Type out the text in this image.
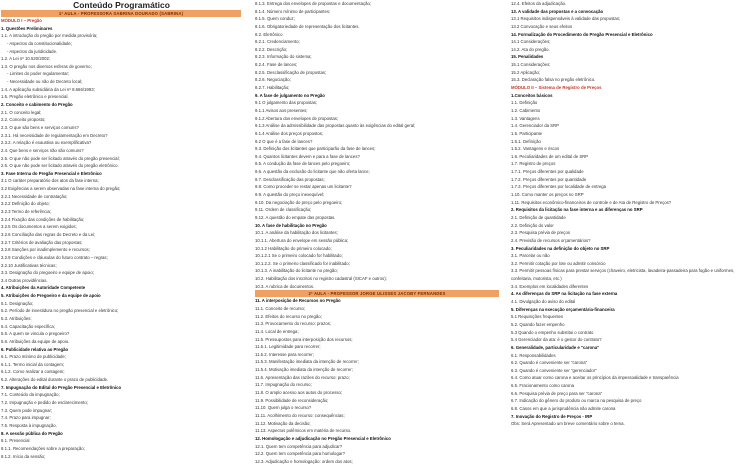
Conteúdo Programático
1ª AULA - PROFESSORA SABRINA DOURADO (SABRINA)
MÓDULO I – Pregão
1. Questões Preliminares
1.1. A introdução do pregão por medida provisória;
- Aspectos da constitucionalidade;
- Aspectos da juridicidade.
1.2. A Lei nº 10.520/2002;
1.3. O pregão nos diversos esferas de governo;
- Limites do poder regulamentar;
- Necessidade ou não de Decreto local;
1.4. A aplicação subsidiária da Lei nº 8.666/1993;
1.5. Pregão eletrônico e presencial.
2. Conceito e cabimento do Pregão
2.1. O conceito legal;
2.2. Conceito proposto;
2.3. O que são bens e serviços comuns?
2.3.1. Há necessidade de regulamentação em Decreto?
2.3.2. A relação é exaustiva ou exemplificativa?
2.4. Que bens e serviços não são comuns?
2.5. O que não pode ser licitado através do pregão presencial;
2.6. O que não pode ser licitado através do pregão eletrônico.
3. Fase Interna do Pregão Presencial e Eletrônico
3.1 O caráter preparatório dos atos da fase interna;
3.2 Exigências a serem observadas na fase interna do pregão;
3.2.1 Necessidade de contratação;
3.2.2 Definição do objeto;
3.2.3 Termo de referência;
3.2.4 Fixação das condições de habilitação;
3.2.5 Os documentos a serem exigidos;
3.2.6 Conciliação das regras do Decreto e da Lei;
3.2.7 Critérios de avaliação das propostas;
3.2.8 Sanções por inadimplemento e recursos;
3.2.9 Condições e cláusulas do futuro contrato – regras;
3.2.10 Justificativas técnicas;
3.3. Designação do pregoeiro e equipe de apoio;
3.4 Outras providências.
4. Atribuições da Autoridade Competente
5. Atribuições do Pregoeiro e da equipe de apoio
5.1. Designação;
5.2. Período de investidura no pregão presencial e eletrônico;
5.3. Atribuições;
5.4. Capacitação específica;
5.5. A quem se vincula o pregoeiro?
5.6. Atribuições da equipe de apoio.
6. Publicidade relativa ao Pregão
6.1. Prazo mínimo de publicidade;
6.1.1. Termo inicial da contagem;
6.1.2. Como realizar a contagem;
6.2. Alterações do edital durante o prazo de publicidade.
7. Impugnação do Edital do Pregão Presencial e Eletrônico
7.1. Conteúdo da impugnação;
7.2. Impugnação e pedido de esclarecimento;
7.3. Quem pode impugnar;
7.4. Prazo para impugnar;
7.5. Resposta à impugnação.
8. A sessão pública do Pregão
8.1. Presencial
8.1.1. Recomendações sobre a preparação;
8.1.2. Início da sessão;
8.1.3. Entrega dos envelopes de propostas e documentação;
8.1.4. Número mínimo de participantes;
8.1.5. Quem conduz;
8.1.6. Obrigatoriedade de representação dos licitantes.
8.2. Eletrônico
8.2.1. Credenciamento;
8.2.2. Descrição;
8.2.3. Informação do sistema;
8.2.4. Fase de lances;
8.2.5. Desclassificação de propostas;
8.2.6. Negociação;
8.2.7. Habilitação;
9. A fase de julgamento no Pregão
9.1 O julgamento das propostas;
9.1.1 Avisos aos presentes;
9.1.2 Abertura dos envelopes de propostas;
9.1.3 Análise da admissibilidade das propostas quanto às exigências do edital geral;
9.1.4 Análise dos preços propostos;
9.2 O que é a fase de lances?
9.3. Definição dos licitantes que participarão da fase de lances;
9.4. Quantos licitantes devem e para a fase de lances?
9.5. A condução da fase de lances pelo pregoeiro;
9.6. A questão da exclusão do licitante que não oferta lance;
9.7. Desclassificação das propostas;
9.8. Como proceder se restar apenas um licitante?
9.9. A questão do preço inexequível;
9.10. Da negociação do preço pelo pregoeiro;
9.11. Ordem de classificação;
9.12. A questão do empate das propostas.
10. A fase de habilitação no Pregão
10.1. A análise da habilitação dos licitantes;
10.1.1. Abertura do envelope em sessão pública;
10.1.2 Habilitação do primeiro colocado;
10.1.2.1 Se o primeiro colocado for habilitado;
10.1.2.2. Se o primeiro classificado for inabilitado;
10.1.3. A inabilitação do licitante no pregão;
10.2. Habilitação dos inscritos no registro cadastral (SICAF e outros);
10.3. A rubrica de documentos.
2ª AULA - PROFESSOR JORGE ULISSES JACOBY FERNANDES
11. A interposição de Recursos no Pregão
11.1. Conceito de recurso;
11.2. Efeitos do recurso no pregão;
11.3. Provocamento do recurso: prazos;
11.4. Local de entrega;
11.5. Pressupostos para interposição dos recursos;
11.5.1. Legitimidade para recorrer;
11.5.2. Interesse para recorrer;
11.5.3. Manifestação imediata da intenção de recorrer;
11.5.4. Motivação imediata da intenção de recorrer;
11.6. Apresentação das razões do recurso: prazo;
11.7. Impugnação do recurso;
11.8. O amplo acesso aos autos do processo;
11.9. Possibilidade de reconsideração;
11.10. Quem julga o recurso?
11.11. Acolhimento do recurso: consequências;
11.12. Motivação da decisão;
11.13. Aspectos polêmicos em matéria de recurso.
12. Homologação e adjudicação no Pregão Presencial e Eletrônico
12.1. Quem tem competência para adjudicar?
12.2. Quem tem competência para homologar?
12.3. Adjudicação e homologação: ordem dos atos;
12.4. Efeitos da adjudicação.
13. A validade das propostas e a convocação
13.1 Requisitos indispensáveis à validade das propostas;
13.2 Convocação e seus efeitos
14. Formalização do Procedimento do Pregão Presencial e Eletrônico
14.1 Considerações;
14.2. Ata do pregão.
15. Penalidades
15.1 Considerações;
15.2 Aplicação;
15.3. Declaração falsa no pregão eletrônico.
MÓDULO II – Sistema de Registro de Preços
1.Conceitos básicos
1.1. Definição
1.2. Cabimento
1.3. Vantagens
1.4. Gerenciador da SRP
1.5. Participante
1.5.1. Definição
1.5.2. Vantagens e riscos
1.6. Peculiaridades de um edital de SRP
1.7. Registro de preços
1.7.1. Preços diferentes por qualidade
1.7.2. Preços diferentes por quantidade
1.7.3. Preços diferentes por localidade de entrega
1.10. Como manter os preços no SRP
1.11. Requisitos econômico-financeiros de controle e de Ata de Registro de Preços?
2. Requisitos da licitação na fase interna e as diferenças no SRP
2.1. Definição de quantidade
2.2. Definição do valor
2.3. Pesquisa prévia de preços
2.4. Previsão de recursos orçamentários?
3. Peculiaridades na definição do objeto no SRP
3.1. Parcelar ou não
3.2. Permitir cotação por lote ou admitir consórcio
3.3. Permitir pessoas físicas para prestar serviços (chaveiro, eletricista, lavadeira-passadeira para fogão e uniformes, confeitaria, motorista, etc.)
3.4. Exemplos em localidades diferentes
4. As diferenças do SRP na licitação na fase externa
4.1. Divulgação do aviso do edital
5. Diferenças na execução orçamentária-financeira
5.1 Requisições frequentes
5.2. Quando fazer empenho
5.3 Quando o empenho substitui o contrato
5.4 Gerenciador da ata: é o gestor do contrato?
6. Generalidade, particularidade e "carona"
6.1. Responsabilidades
6.2. Quando é conveniente ser "carona"
6.3. Quando é conveniente ser "gerenciador"
6.4. Como atuar como carona e aceitar os princípios da impessoalidade e transparência
6.5. Fracionamento como carona
6.6. Pesquisa prévia de preço para ser "carona"
6.7. Indicação do gênero do produto ou marca na pesquisa de preço
6.8. Casos em que a jurisprudência não admite carona
7. Inovação do Registro de Preços - IRP
Obs: Será Apresentado um breve comentário sobre o tema.
